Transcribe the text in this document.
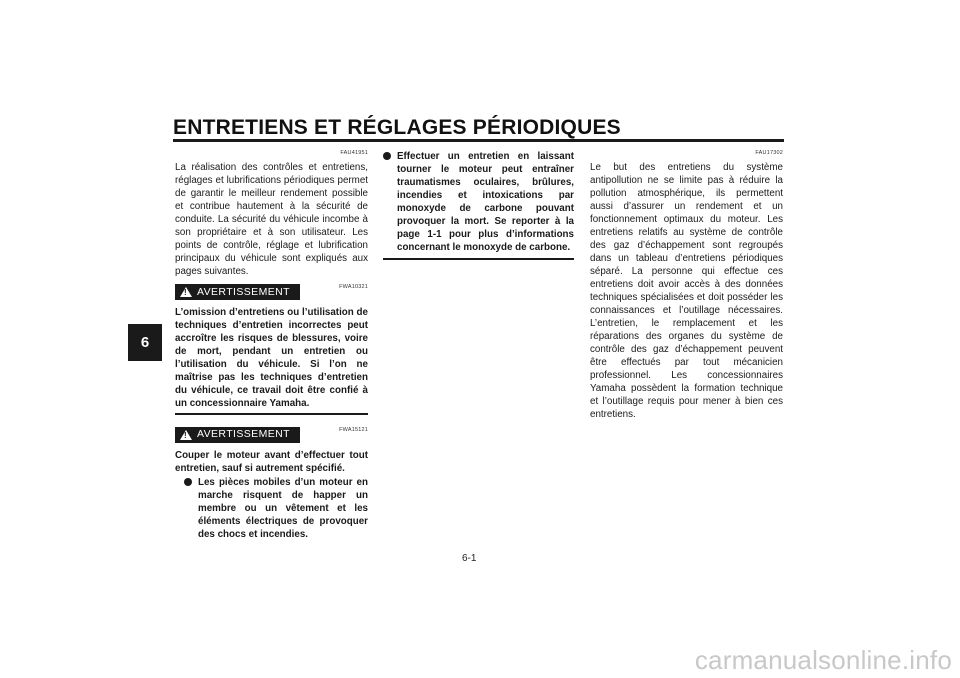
ENTRETIENS ET RÉGLAGES PÉRIODIQUES
6
FAU41951
La réalisation des contrôles et entretiens, réglages et lubrifications périodiques permet de garantir le meilleur rendement possible et contribue hautement à la sécurité de conduite. La sécurité du véhicule incombe à son propriétaire et à son utilisateur. Les points de contrôle, réglage et lubrification principaux du véhicule sont expliqués aux pages suivantes.
!
AVERTISSEMENT	FWA10321
L’omission d’entretiens ou l’utilisation de techniques d’entretien incorrectes peut accroître les risques de blessures, voire de mort, pendant un entretien ou l’utilisation du véhicule. Si l’on ne maîtrise pas les techniques d’entretien du véhicule, ce travail doit être confié à un concessionnaire Yamaha.
!
AVERTISSEMENT	FWA15121
Couper le moteur avant d’effectuer tout entretien, sauf si autrement spécifié.
Les pièces mobiles d’un moteur en marche risquent de happer un membre ou un vêtement et les éléments électriques de provoquer des chocs et incendies.
Effectuer un entretien en laissant tourner le moteur peut entraîner traumatismes oculaires, brûlures, incendies et intoxications par monoxyde de carbone pouvant provoquer la mort. Se reporter à la page 1-1 pour plus d’informations concernant le monoxyde de carbone.
FAU17302
Le but des entretiens du système antipollution ne se limite pas à réduire la pollution atmosphérique, ils permettent aussi d’assurer un rendement et un fonctionnement optimaux du moteur. Les entretiens relatifs au système de contrôle des gaz d’échappement sont regroupés dans un tableau d’entretiens périodiques séparé. La personne qui effectue ces entretiens doit avoir accès à des données techniques spécialisées et doit posséder les connaissances et l’outillage nécessaires. L’entretien, le remplacement et les réparations des organes du système de contrôle des gaz d’échappement peuvent être effectués par tout mécanicien professionnel. Les concessionnaires Yamaha possèdent la formation technique et l’outillage requis pour mener à bien ces entretiens.
6-1
carmanualsonline.info
